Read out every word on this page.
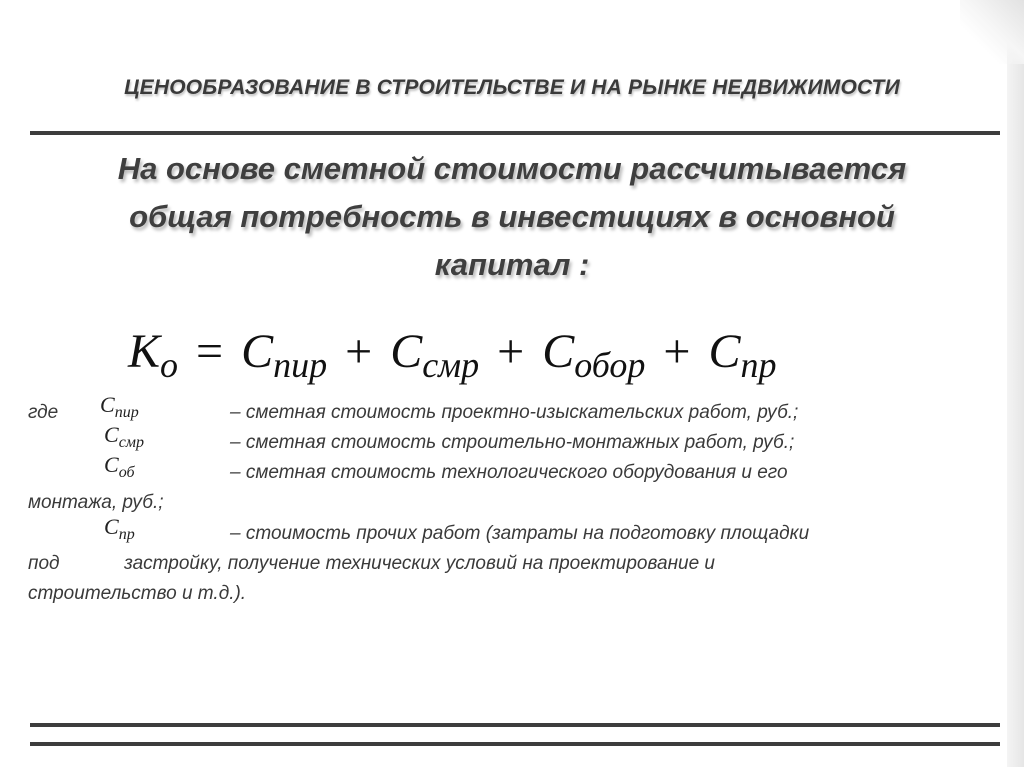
ЦЕНООБРАЗОВАНИЕ В СТРОИТЕЛЬСТВЕ И НА РЫНКЕ НЕДВИЖИМОСТИ
На основе сметной стоимости рассчитывается
общая потребность в инвестициях в основной
капитал :
$K_o = C_{пир} + C_{смр} + C_{обор} + C_{пр}$
где $C_{пир}$	– сметная стоимость проектно-изыскательских работ, руб.;
$C_{смр}$	– сметная стоимость строительно-монтажных работ, руб.;
$C_{об}$	– сметная стоимость технологического оборудования и его
монтажа, руб.;
$C_{пр}$	– стоимость прочих работ (затраты на подготовку площадки
под	застройку, получение технических условий на проектирование и
строительство и т.д.).
